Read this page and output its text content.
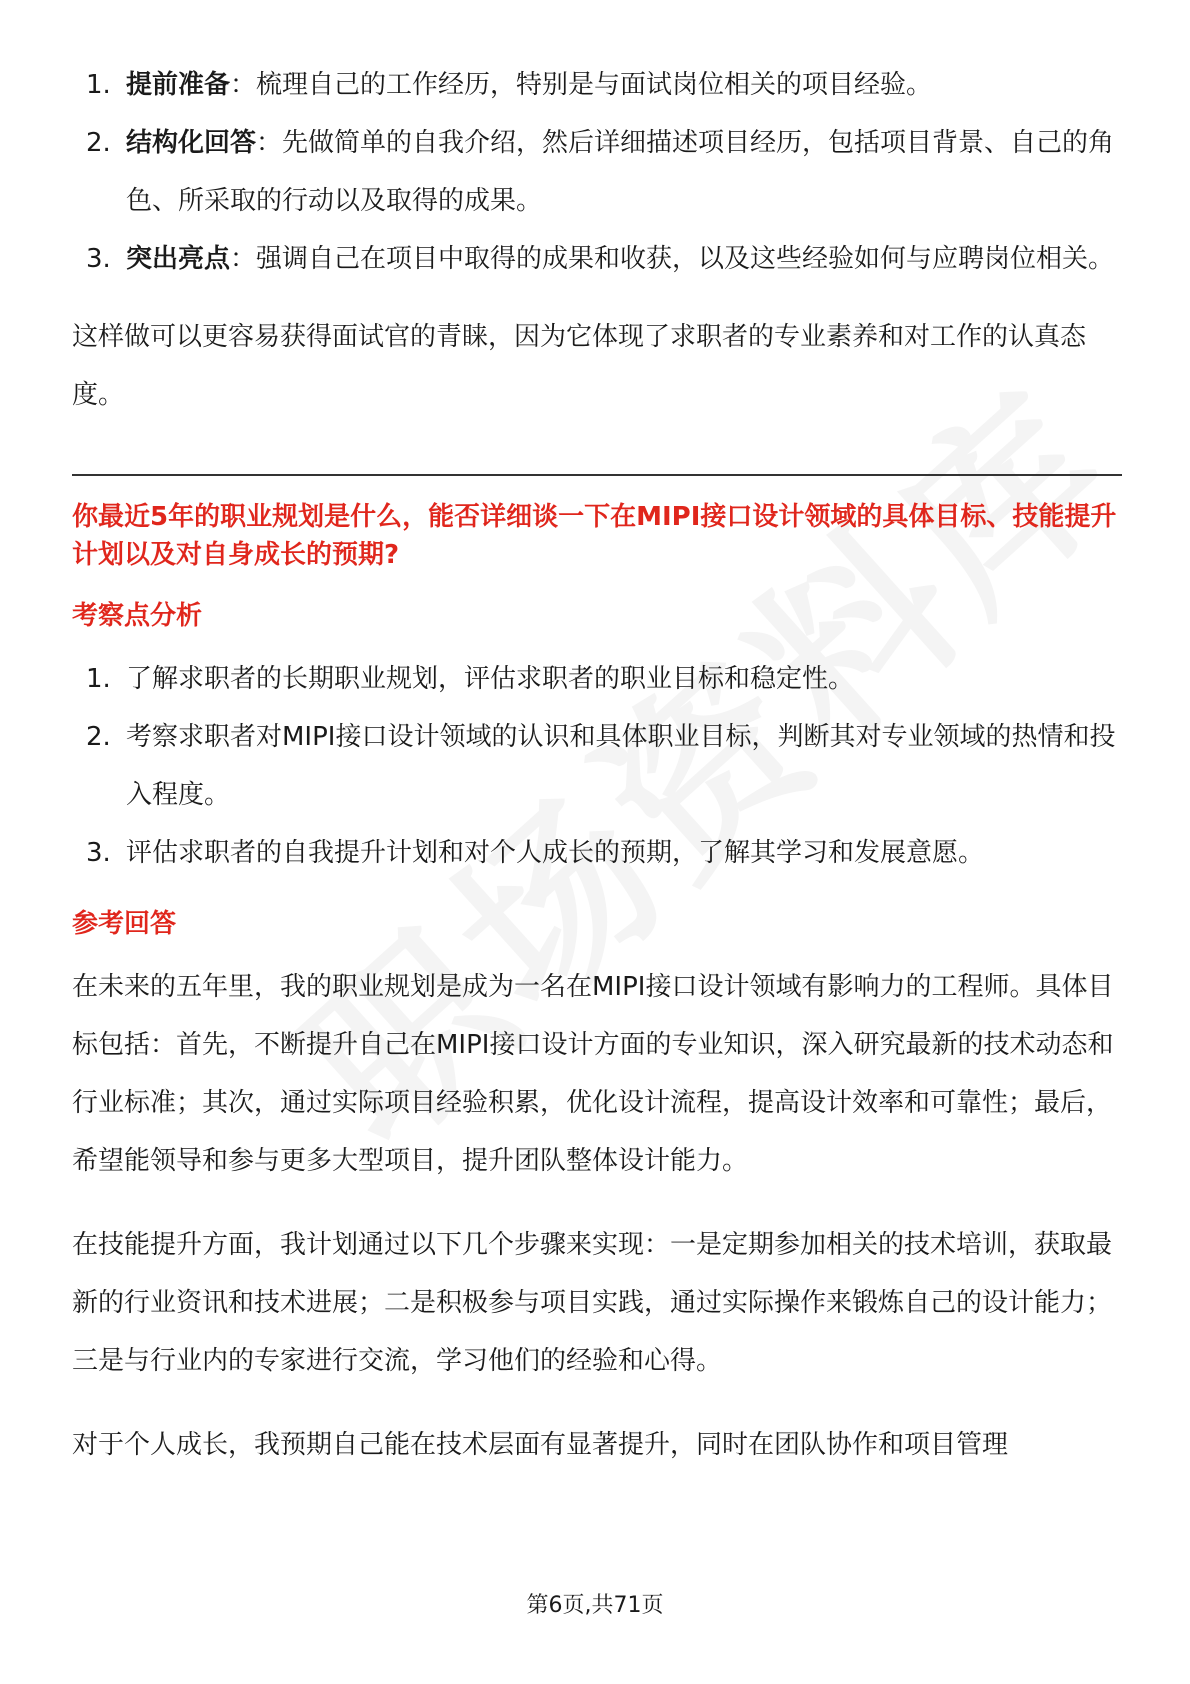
1. 提前准备：梳理自己的工作经历，特别是与面试岗位相关的项目经验。
2. 结构化回答：先做简单的自我介绍，然后详细描述项目经历，包括项目背景、自己的角色、所采取的行动以及取得的成果。
3. 突出亮点：强调自己在项目中取得的成果和收获，以及这些经验如何与应聘岗位相关。

这样做可以更容易获得面试官的青睐，因为它体现了求职者的专业素养和对工作的认真态度。

你最近5年的职业规划是什么，能否详细谈一下在MIPI接口设计领域的具体目标、技能提升计划以及对自身成长的预期?

考察点分析
1. 了解求职者的长期职业规划，评估求职者的职业目标和稳定性。
2. 考察求职者对MIPI接口设计领域的认识和具体职业目标，判断其对专业领域的热情和投入程度。
3. 评估求职者的自我提升计划和对个人成长的预期，了解其学习和发展意愿。
参考回答

在未来的五年里，我的职业规划是成为一名在MIPI接口设计领域有影响力的工程师。具体目标包括：首先，不断提升自己在MIPI接口设计方面的专业知识，深入研究最新的技术动态和行业标准；其次，通过实际项目经验积累，优化设计流程，提高设计效率和可靠性；最后，希望能领导和参与更多大型项目，提升团队整体设计能力。

在技能提升方面，我计划通过以下几个步骤来实现：一是定期参加相关的技术培训，获取最新的行业资讯和技术进展；二是积极参与项目实践，通过实际操作来锻炼自己的设计能力；三是与行业内的专家进行交流，学习他们的经验和心得。

对于个人成长，我预期自己能在技术层面有显著提升，同时在团队协作和项目管理

第6页,共71页
